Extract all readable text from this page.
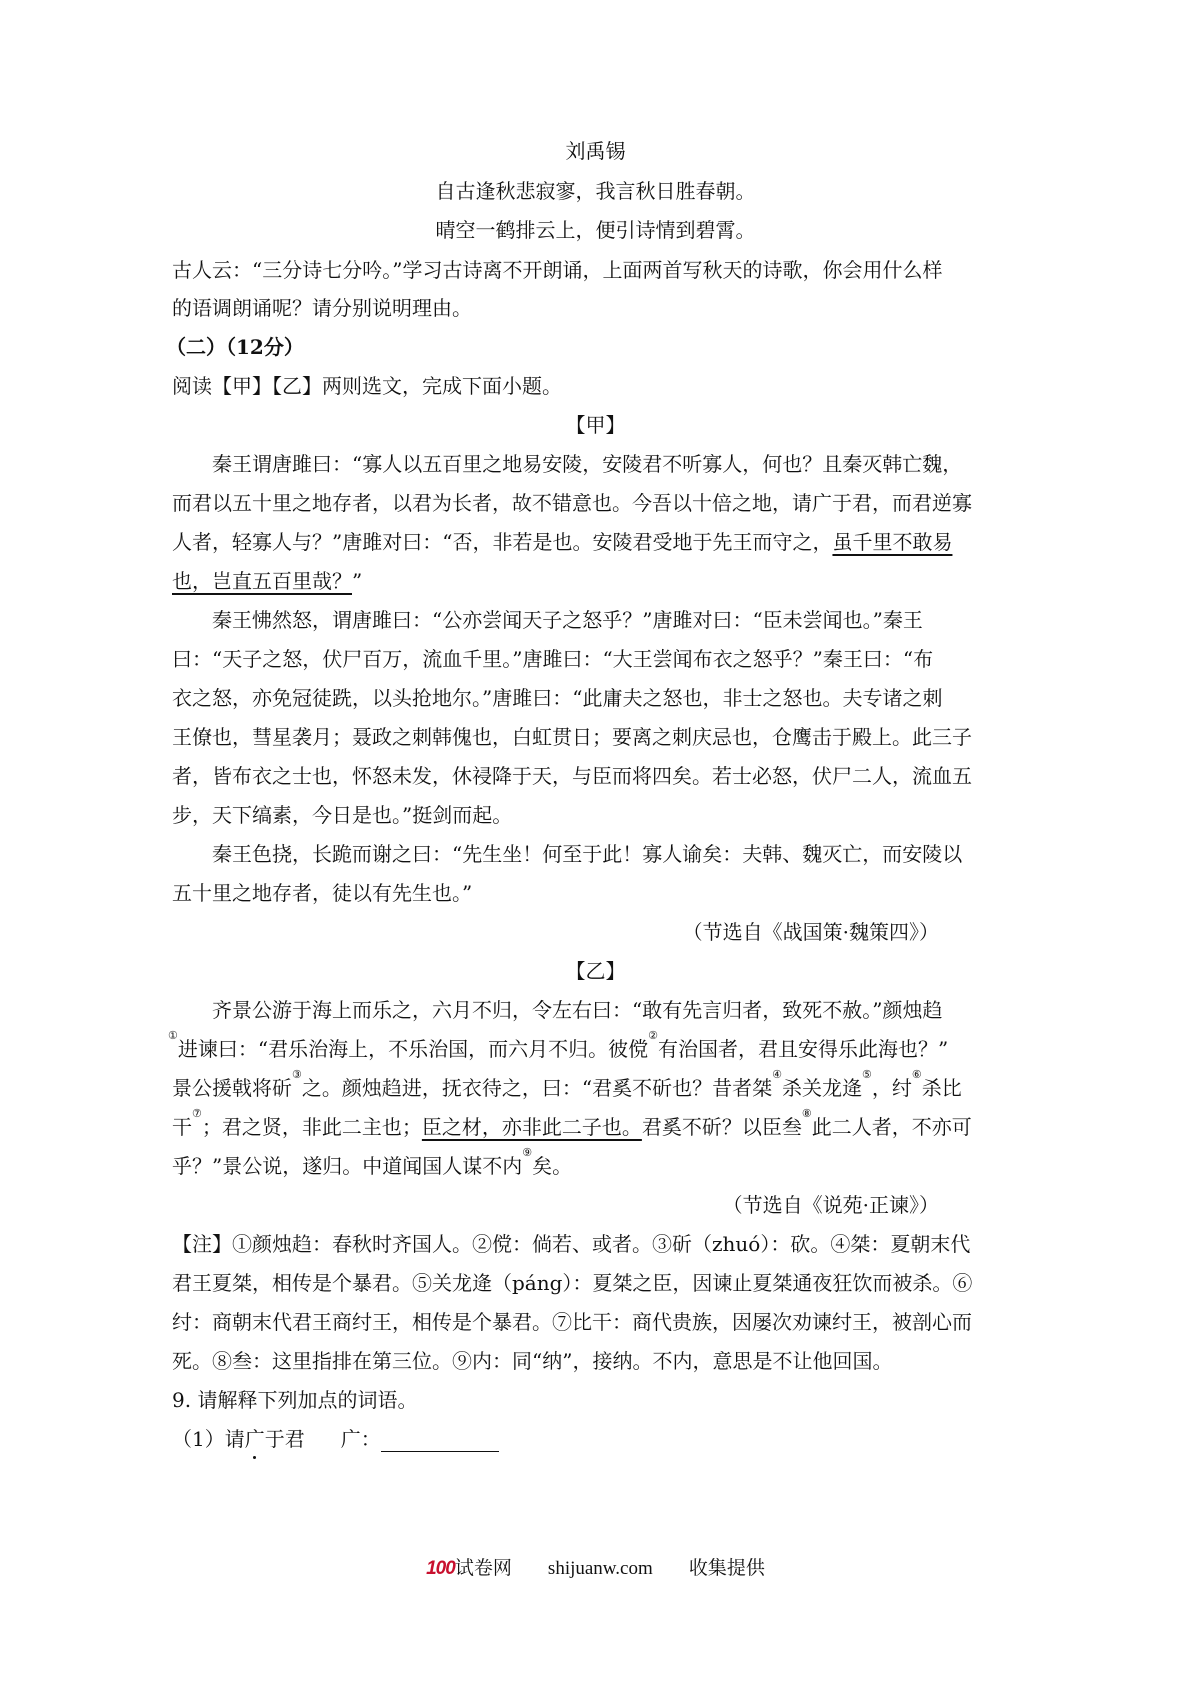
刘禹锡
自古逢秋悲寂寥，我言秋日胜春朝。
晴空一鹤排云上，便引诗情到碧霄。
古人云：“三分诗七分吟。”学习古诗离不开朗诵，上面两首写秋天的诗歌，你会用什么样
的语调朗诵呢？请分别说明理由。
（二）（12分）
阅读【甲】【乙】两则选文，完成下面小题。
【甲】
秦王谓唐雎曰：“寡人以五百里之地易安陵，安陵君不听寡人，何也？且秦灭韩亡魏，
而君以五十里之地存者，以君为长者，故不错意也。今吾以十倍之地，请广于君，而君逆寡
人者，轻寡人与？”唐雎对曰：“否，非若是也。安陵君受地于先王而守之，虽千里不敢易
也，岂直五百里哉？”
秦王怫然怒，谓唐雎曰：“公亦尝闻天子之怒乎？”唐雎对曰：“臣未尝闻也。”秦王
曰：“天子之怒，伏尸百万，流血千里。”唐雎曰：“大王尝闻布衣之怒乎？”秦王曰：“布
衣之怒，亦免冠徒跣，以头抢地尔。”唐雎曰：“此庸夫之怒也，非士之怒也。夫专诸之刺
王僚也，彗星袭月；聂政之刺韩傀也，白虹贯日；要离之刺庆忌也，仓鹰击于殿上。此三子
者，皆布衣之士也，怀怒未发，休祲降于天，与臣而将四矣。若士必怒，伏尸二人，流血五
步，天下缟素，今日是也。”挺剑而起。
秦王色挠，长跪而谢之曰：“先生坐！何至于此！寡人谕矣：夫韩、魏灭亡，而安陵以
五十里之地存者，徒以有先生也。”
（节选自《战国策·魏策四》）
【乙】
齐景公游于海上而乐之，六月不归，令左右曰：“敢有先言归者，致死不赦。”颜烛趋
①进谏曰：“君乐治海上，不乐治国，而六月不归。彼傥②有治国者，君且安得乐此海也？”
景公援戟将斫③之。颜烛趋进，抚衣待之，曰：“君奚不斫也？昔者桀④杀关龙逄⑤，纣⑥杀比
干⑦；君之贤，非此二主也；臣之材，亦非此二子也。君奚不斫？以臣叁⑧此二人者，不亦可
乎？”景公说，遂归。中道闻国人谋不内⑨矣。
（节选自《说苑·正谏》）
【注】①颜烛趋：春秋时齐国人。②傥：倘若、或者。③斫（zhuó）：砍。④桀：夏朝末代
君王夏桀，相传是个暴君。⑤关龙逄（páng）：夏桀之臣，因谏止夏桀通夜狂饮而被杀。⑥
纣：商朝末代君王商纣王，相传是个暴君。⑦比干：商代贵族，因屡次劝谏纣王，被剖心而
死。⑧叁：这里指排在第三位。⑨内：同“纳”，接纳。不内，意思是不让他回国。
9. 请解释下列加点的词语。
（1）请广于君 广：
100试卷网 shijuanw.com 收集提供
